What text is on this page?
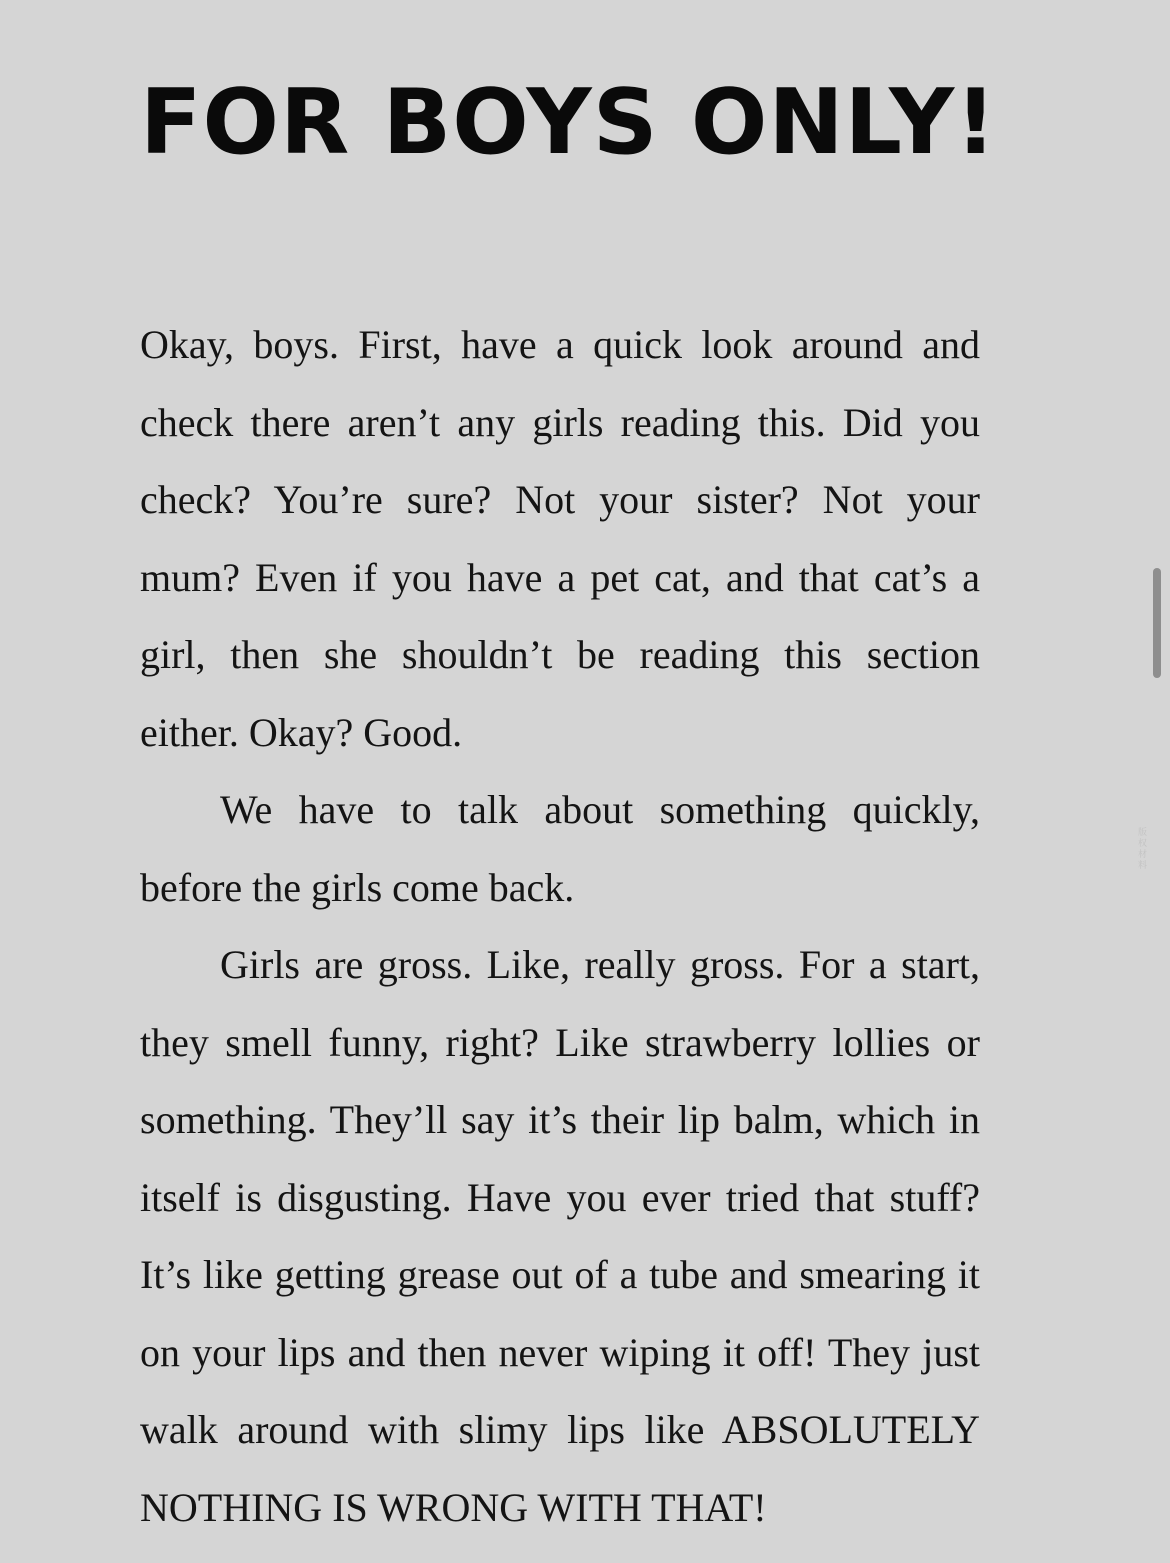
FOR BOYS ONLY!

Okay, boys. First, have a quick look around and check there aren’t any girls reading this. Did you check? You’re sure? Not your sister? Not your mum? Even if you have a pet cat, and that cat’s a girl, then she shouldn’t be reading this section either. Okay? Good.

We have to talk about something quickly, before the girls come back.

Girls are gross. Like, really gross. For a start, they smell funny, right? Like strawberry lollies or something. They’ll say it’s their lip balm, which in itself is disgusting. Have you ever tried that stuff? It’s like getting grease out of a tube and smearing it on your lips and then never wiping it off! They just walk around with slimy lips like ABSOLUTELY NOTHING IS WRONG WITH THAT!

版权材料
